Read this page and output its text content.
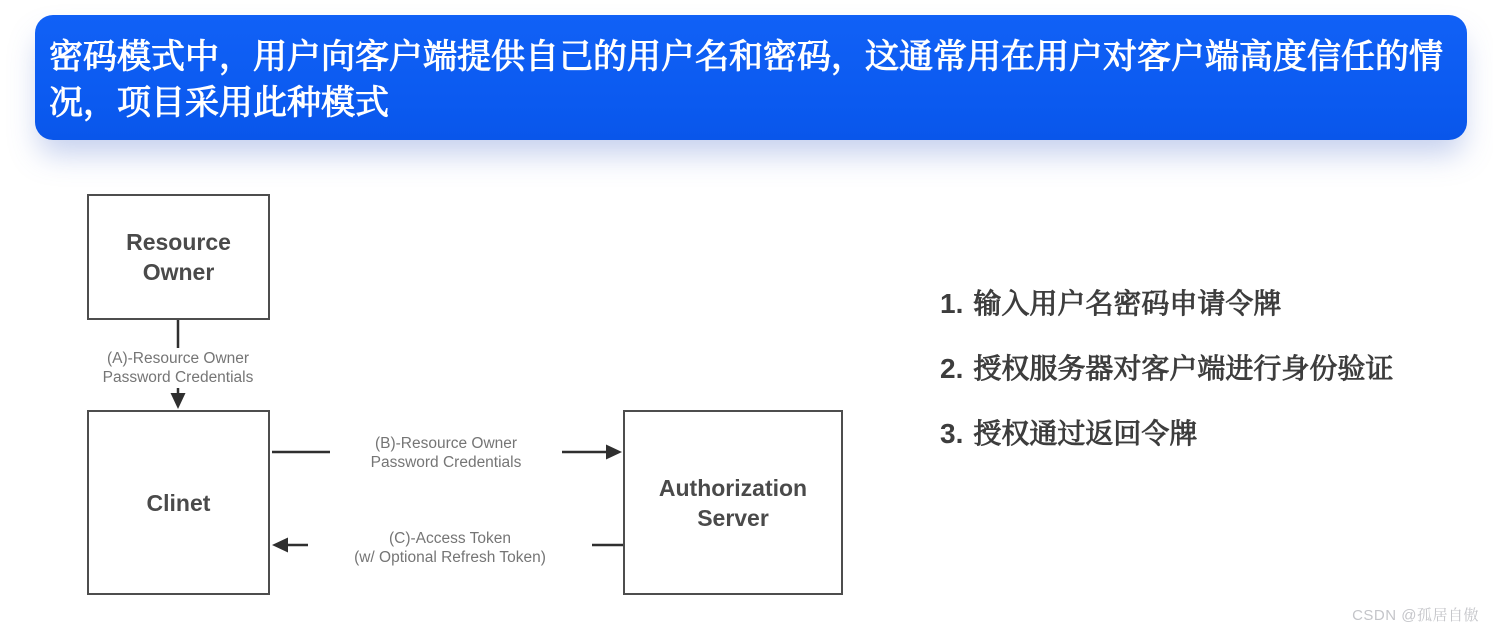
密码模式中，用户向客户端提供自己的用户名和密码，这通常用在用户对客户端高度信任的情况，项目采用此种模式
Resource Owner
Clinet
Authorization Server
(A)-Resource Owner
Password Credentials
(B)-Resource Owner
Password Credentials
(C)-Access Token
(w/ Optional Refresh Token)
1. 输入用户名密码申请令牌
2. 授权服务器对客户端进行身份验证
3. 授权通过返回令牌
CSDN @孤居自傲
